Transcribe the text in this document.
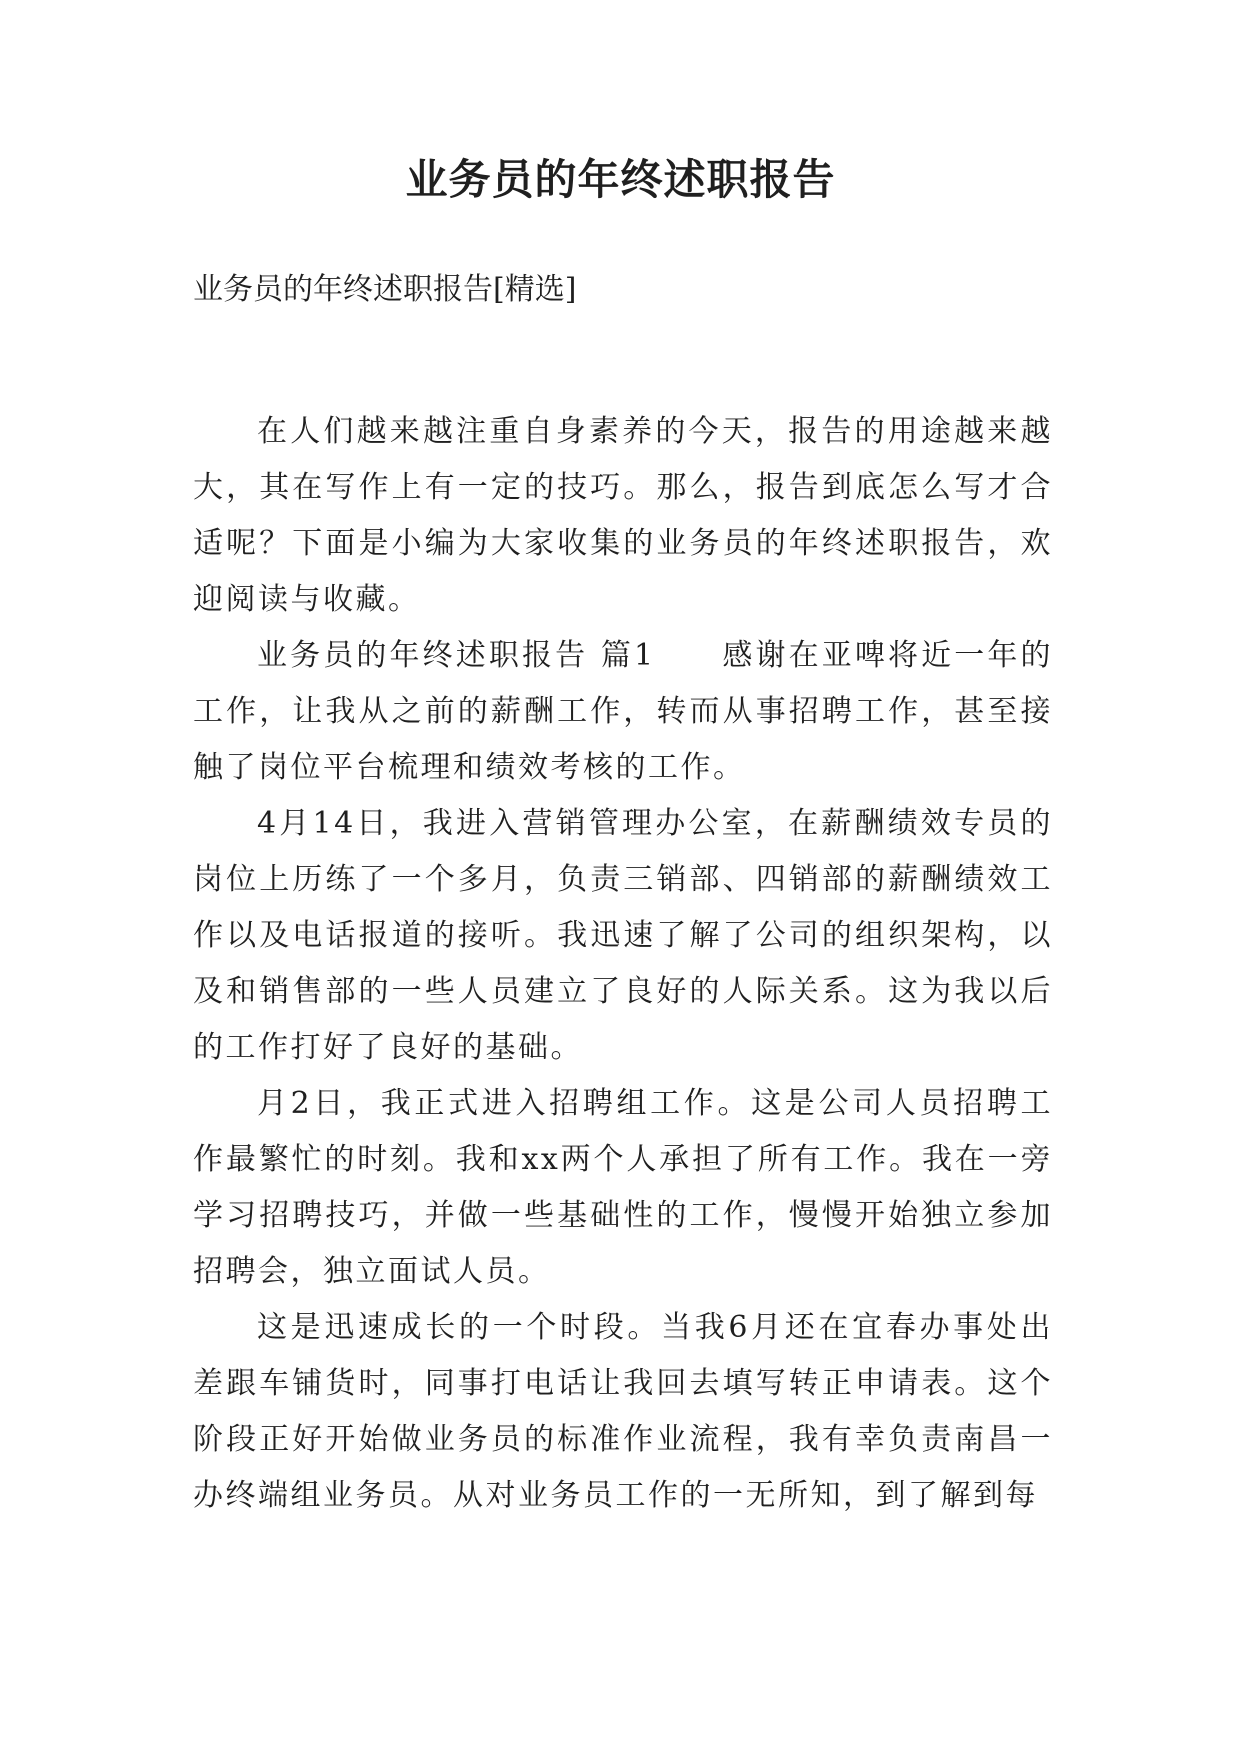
业务员的年终述职报告

业务员的年终述职报告[精选]

在人们越来越注重自身素养的今天，报告的用途越来越大，其在写作上有一定的技巧。那么，报告到底怎么写才合适呢？下面是小编为大家收集的业务员的年终述职报告，欢迎阅读与收藏。

业务员的年终述职报告 篇1　　感谢在亚啤将近一年的工作，让我从之前的薪酬工作，转而从事招聘工作，甚至接触了岗位平台梳理和绩效考核的工作。

4月14日，我进入营销管理办公室，在薪酬绩效专员的岗位上历练了一个多月，负责三销部、四销部的薪酬绩效工作以及电话报道的接听。我迅速了解了公司的组织架构，以及和销售部的一些人员建立了良好的人际关系。这为我以后的工作打好了良好的基础。

月2日，我正式进入招聘组工作。这是公司人员招聘工作最繁忙的时刻。我和xx两个人承担了所有工作。我在一旁学习招聘技巧，并做一些基础性的工作，慢慢开始独立参加招聘会，独立面试人员。

这是迅速成长的一个时段。当我6月还在宜春办事处出差跟车铺货时，同事打电话让我回去填写转正申请表。这个阶段正好开始做业务员的标准作业流程，我有幸负责南昌一办终端组业务员。从对业务员工作的一无所知，到了解到每
